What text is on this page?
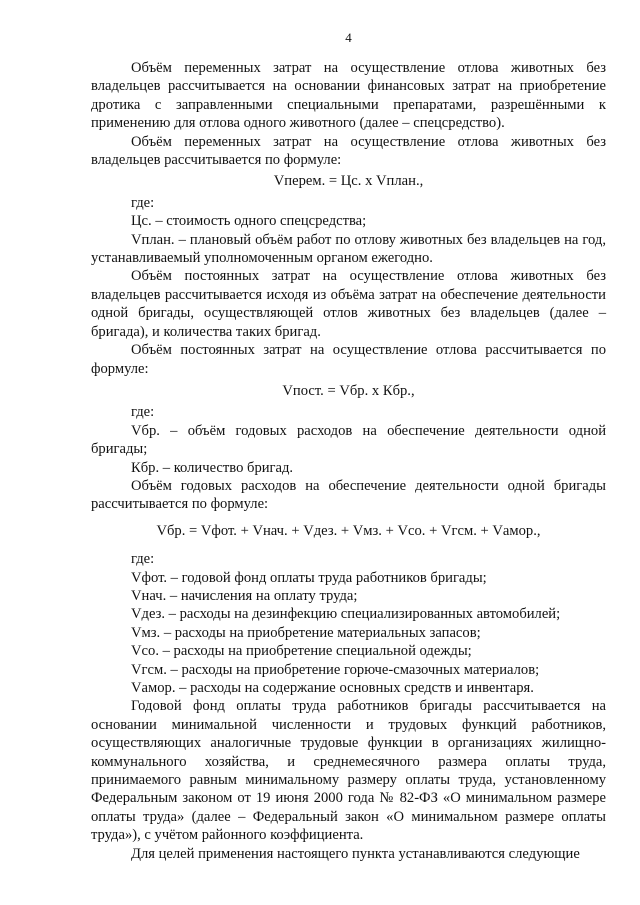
4

Объём переменных затрат на осуществление отлова животных без владельцев рассчитывается на основании финансовых затрат на приобретение дротика с заправленными специальными препаратами, разрешёнными к применению для отлова одного животного (далее – спецсредство).

Объём переменных затрат на осуществление отлова животных без владельцев рассчитывается по формуле:

Vперем. = Цс. х Vплан.,

где:

Цс. – стоимость одного спецсредства;

Vплан. – плановый объём работ по отлову животных без владельцев на год, устанавливаемый уполномоченным органом ежегодно.

Объём постоянных затрат на осуществление отлова животных без владельцев рассчитывается исходя из объёма затрат на обеспечение деятельности одной бригады, осуществляющей отлов животных без владельцев (далее – бригада), и количества таких бригад.

Объём постоянных затрат на осуществление отлова рассчитывается по формуле:

Vпост. = Vбр. х Кбр.,

где:

Vбр. – объём годовых расходов на обеспечение деятельности одной бригады;

Кбр. – количество бригад.

Объём годовых расходов на обеспечение деятельности одной бригады рассчитывается по формуле:

Vбр. = Vфот. + Vнач. + Vдез. + Vмз. + Vсо. + Vгсм. + Vамор.,

где:

Vфот. – годовой фонд оплаты труда работников бригады;

Vнач. – начисления на оплату труда;

Vдез. – расходы на дезинфекцию специализированных автомобилей;

Vмз. – расходы на приобретение материальных запасов;

Vсо. – расходы на приобретение специальной одежды;

Vгсм. – расходы на приобретение горюче-смазочных материалов;

Vамор. – расходы на содержание основных средств и инвентаря.

Годовой фонд оплаты труда работников бригады рассчитывается на основании минимальной численности и трудовых функций работников, осуществляющих аналогичные трудовые функции в организациях жилищно-коммунального хозяйства, и среднемесячного размера оплаты труда, принимаемого равным минимальному размеру оплаты труда, установленному Федеральным законом от 19 июня 2000 года № 82-ФЗ «О минимальном размере оплаты труда» (далее – Федеральный закон «О минимальном размере оплаты труда»), с учётом районного коэффициента.

Для целей применения настоящего пункта устанавливаются следующие
